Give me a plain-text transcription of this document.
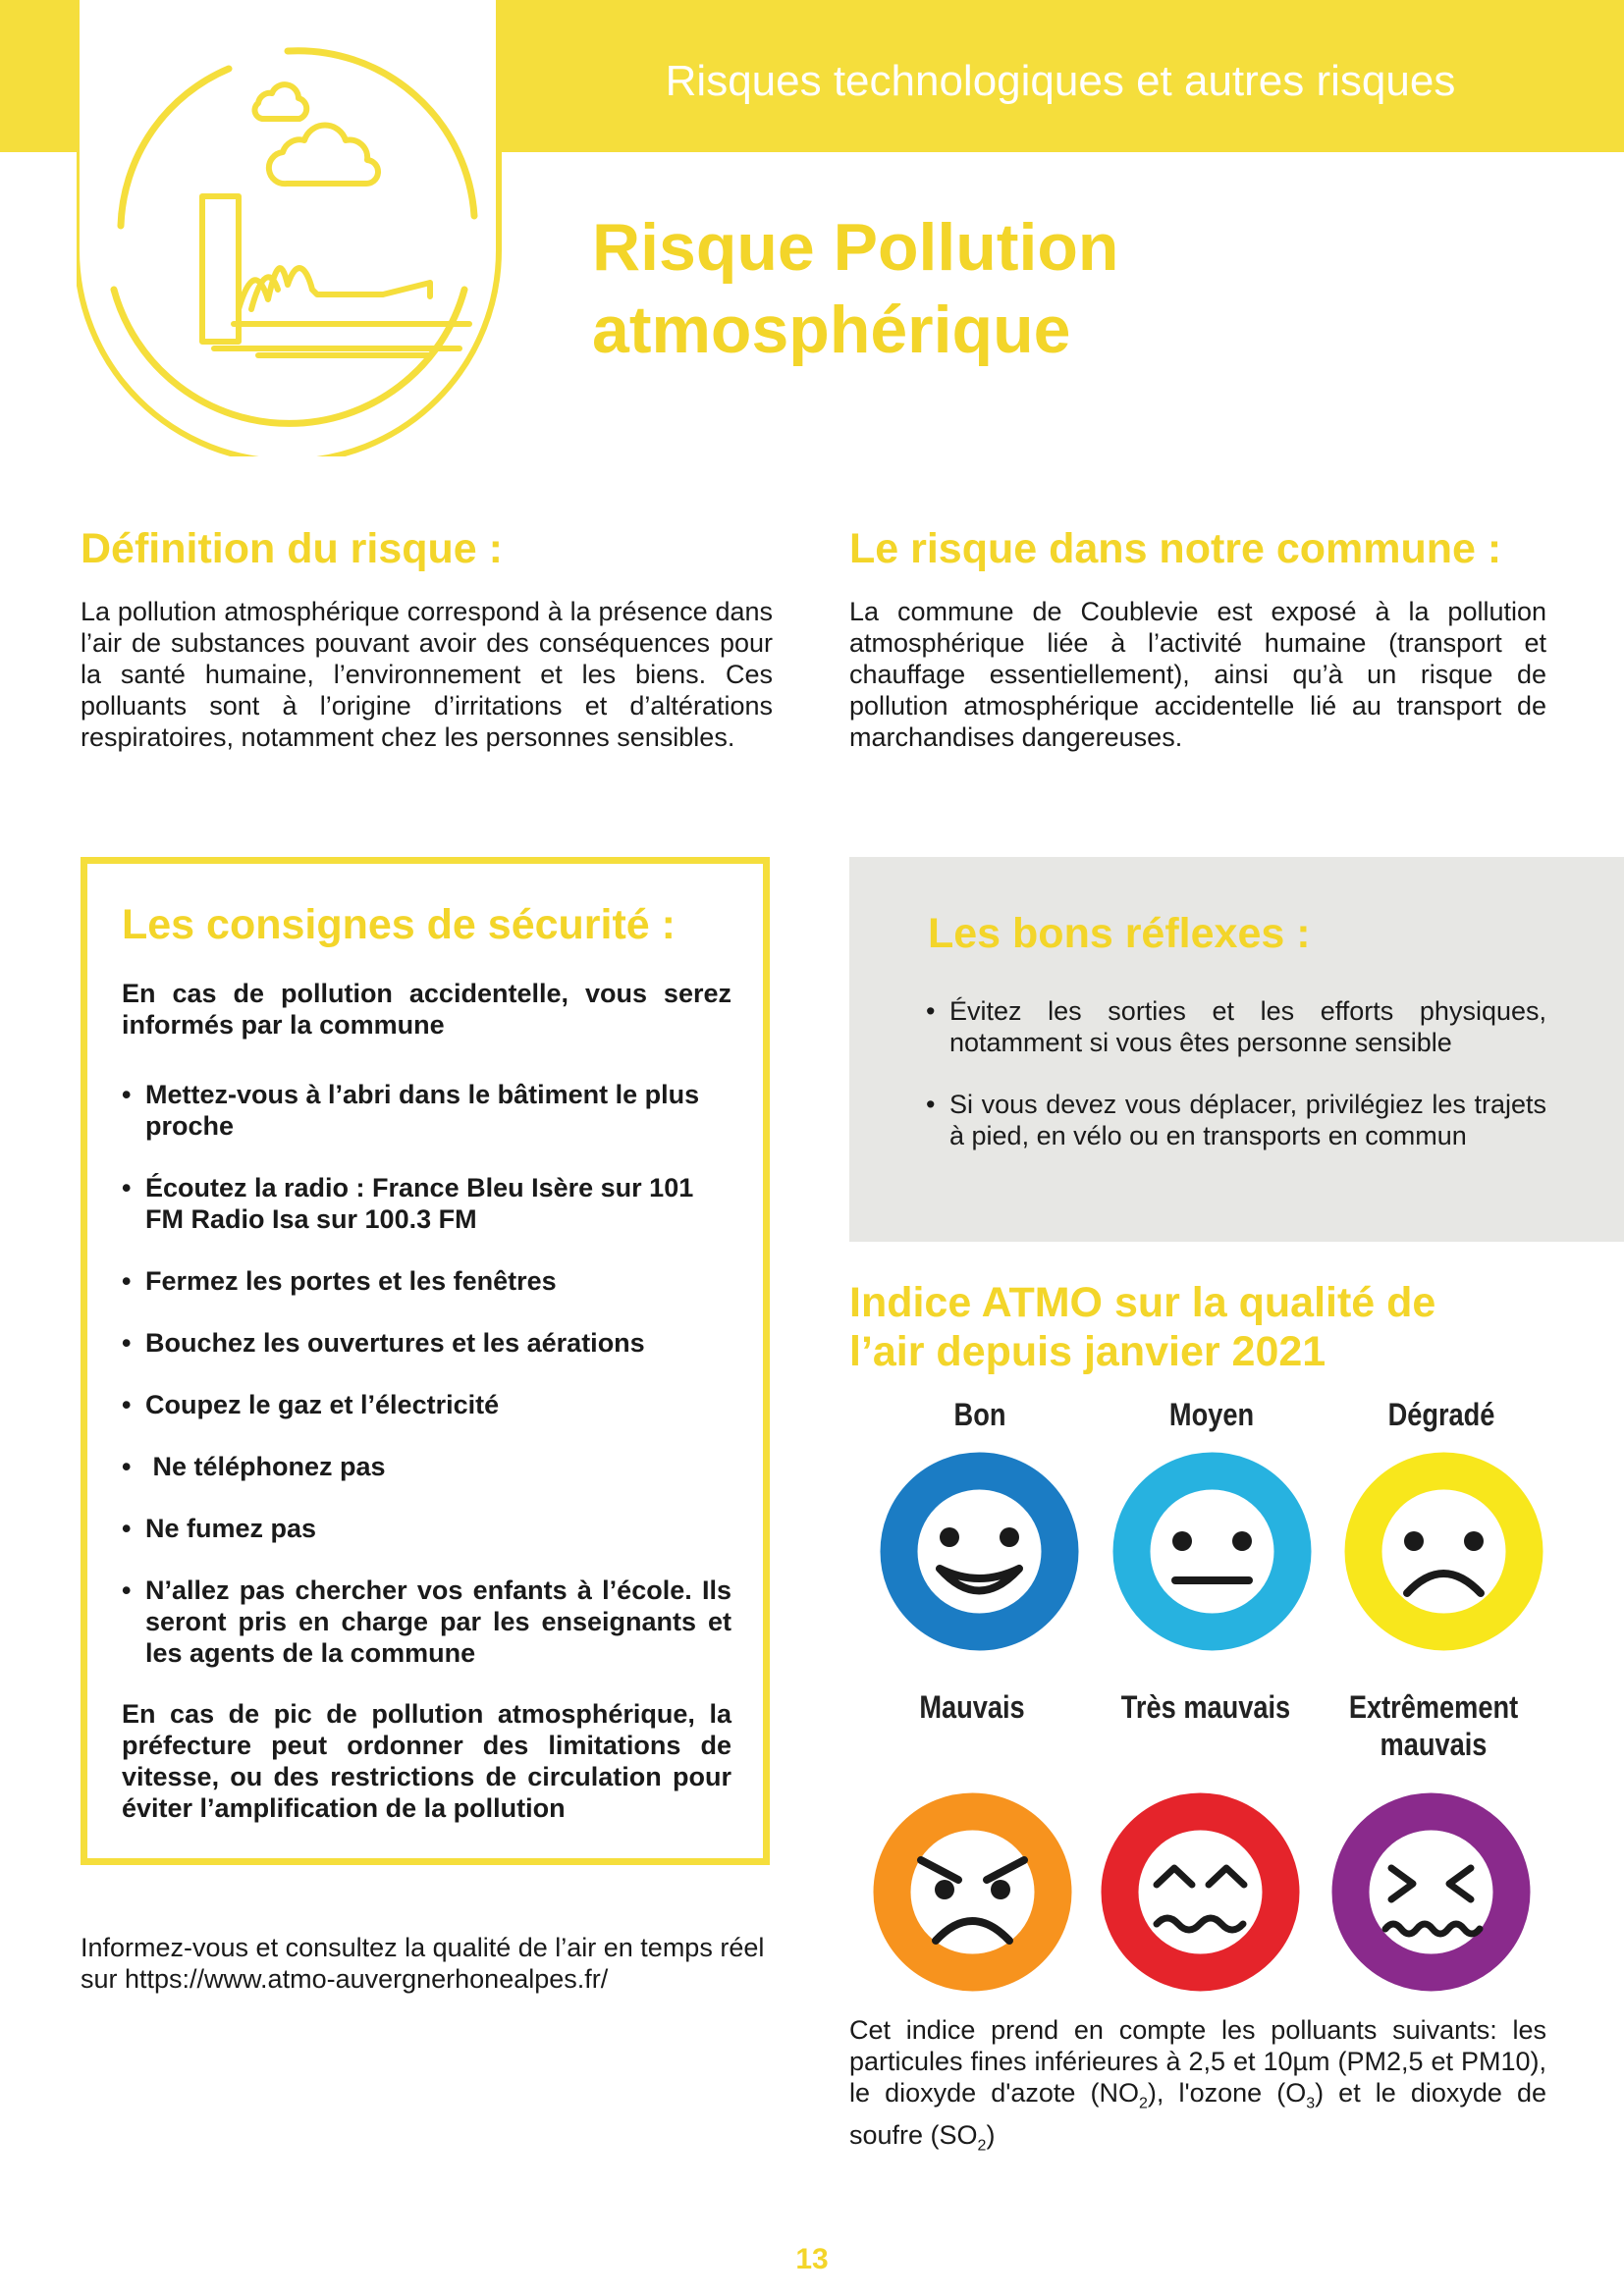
Risques technologiques et autres risques
Risque Pollution
atmosphérique
Définition du risque :

La pollution atmosphérique correspond à la présence dans l’air de substances pouvant avoir des conséquences pour la santé humaine, l’environnement et les biens. Ces polluants sont à l’origine d’irritations et d’altérations respiratoires, notamment chez les personnes sensibles.

Le risque dans notre commune :

La commune de Coublevie est exposé à la pollution atmosphérique liée à l’activité humaine (transport et chauffage essentiellement), ainsi qu’à un risque de pollution atmosphérique accidentelle lié au transport de marchandises dangereuses.

Les consignes de sécurité :

En cas de pollution accidentelle, vous serez informés par la commune

• Mettez-vous à l’abri dans le bâtiment le plus proche
• Écoutez la radio : France Bleu Isère sur 101 FM Radio Isa sur 100.3 FM
• Fermez les portes et les fenêtres
• Bouchez les ouvertures et les aérations
• Coupez le gaz et l’électricité
•  Ne téléphonez pas
• Ne fumez pas
• N’allez pas chercher vos enfants à l’école. Ils seront pris en charge par les enseignants et les agents de la commune

En cas de pic de pollution atmosphérique, la préfecture peut ordonner des limitations de vitesse, ou des restrictions de circulation pour éviter l’amplification de la pollution

Informez-vous et consultez la qualité de l’air en temps réel sur https://www.atmo-auvergnerhonealpes.fr/

Les bons réflexes :
• Évitez les sorties et les efforts physiques, notamment si vous êtes personne sensible
• Si vous devez vous déplacer, privilégiez les trajets à pied, en vélo ou en transports en commun
Indice ATMO sur la qualité de
l’air depuis janvier 2021
Bon	Moyen	Dégradé
Mauvais	Très mauvais Extrêmement
mauvais

Cet indice prend en compte les polluants suivants: les particules fines inférieures à 2,5 et 10µm (PM2,5 et PM10), le dioxyde d'azote $(NO_2)$, l'ozone $(O_3)$ et le dioxyde de soufre $(SO_2)$

13
